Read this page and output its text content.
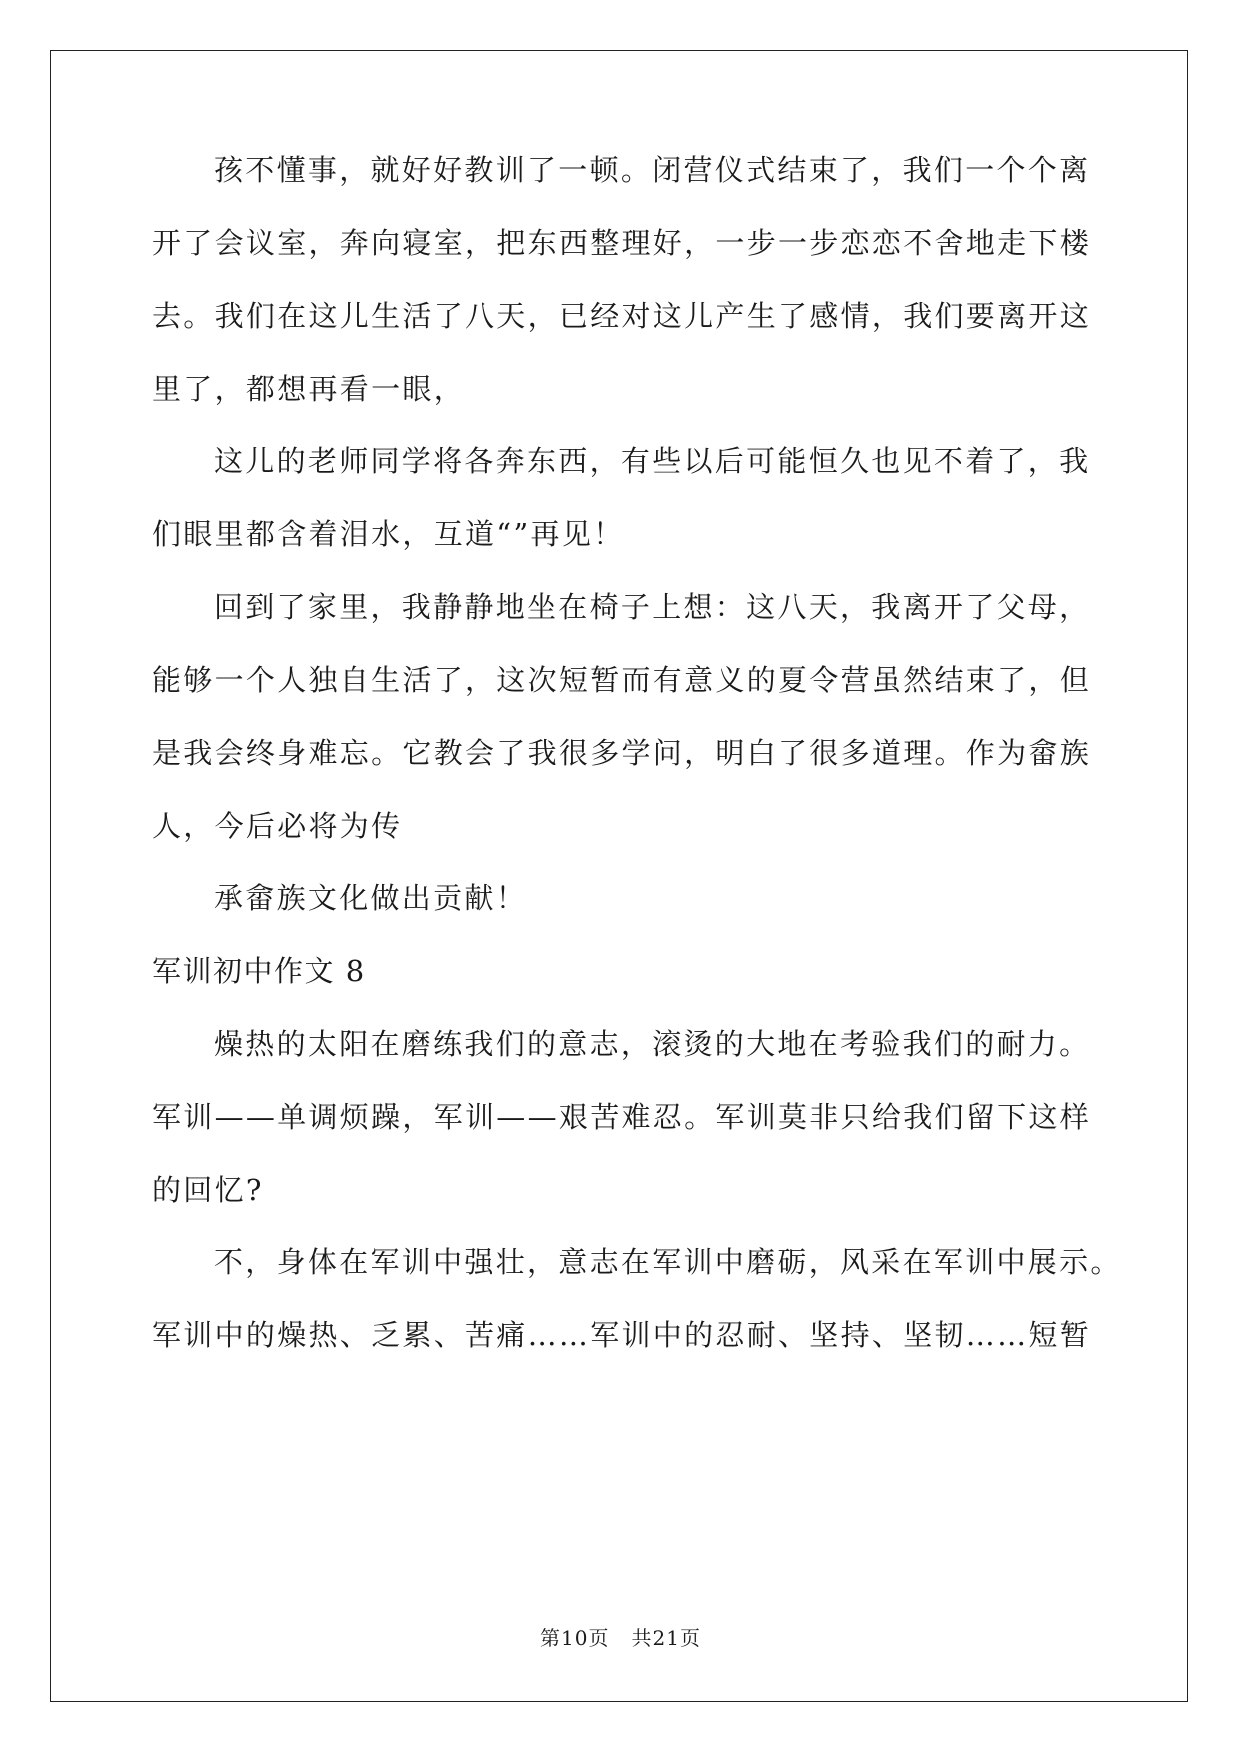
孩不懂事，就好好教训了一顿。闭营仪式结束了，我们一个个离
开了会议室，奔向寝室，把东西整理好，一步一步恋恋不舍地走下楼
去。我们在这儿生活了八天，已经对这儿产生了感情，我们要离开这
里了，都想再看一眼，
这儿的老师同学将各奔东西，有些以后可能恒久也见不着了，我
们眼里都含着泪水，互道“”再见！
回到了家里，我静静地坐在椅子上想：这八天，我离开了父母，
能够一个人独自生活了，这次短暂而有意义的夏令营虽然结束了，但
是我会终身难忘。它教会了我很多学问，明白了很多道理。作为畲族
人，今后必将为传
承畲族文化做出贡献！
军训初中作文 8
燥热的太阳在磨练我们的意志，滚烫的大地在考验我们的耐力。
军训——单调烦躁，军训——艰苦难忍。军训莫非只给我们留下这样
的回忆?
不，身体在军训中强壮，意志在军训中磨砺，风采在军训中展示。
军训中的燥热、乏累、苦痛……军训中的忍耐、坚持、坚韧……短暂
第10页 共21页
